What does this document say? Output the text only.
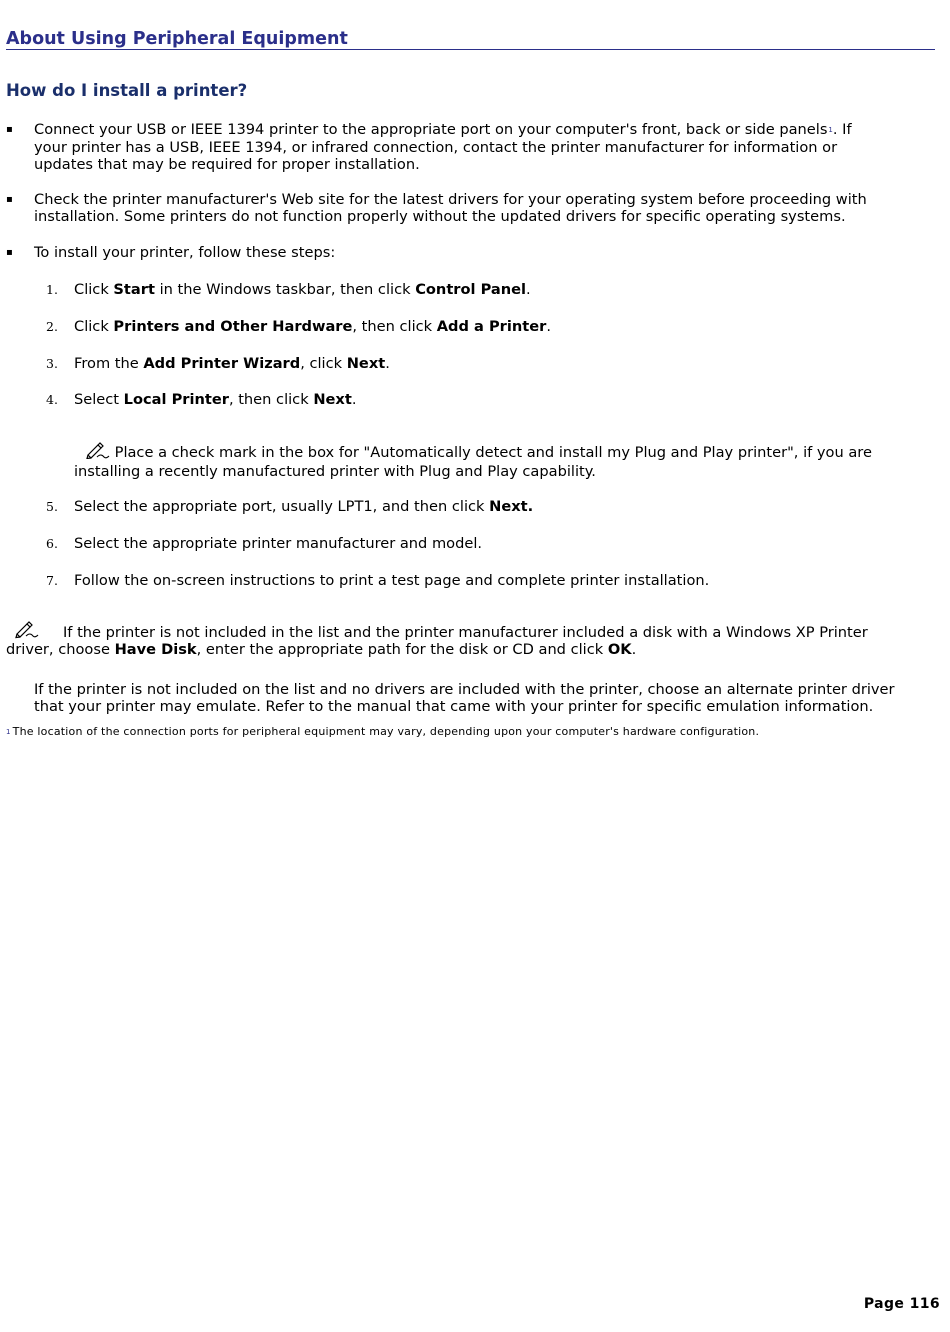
About Using Peripheral Equipment
How do I install a printer?
▪ Connect your USB or IEEE 1394 printer to the appropriate port on your computer's front, back or side panels1. If
your printer has a USB, IEEE 1394, or infrared connection, contact the printer manufacturer for information or
updates that may be required for proper installation.
▪ Check the printer manufacturer's Web site for the latest drivers for your operating system before proceeding with
installation. Some printers do not function properly without the updated drivers for specific operating systems.
▪ To install your printer, follow these steps:
1. Click Start in the Windows taskbar, then click Control Panel.
2. Click Printers and Other Hardware, then click Add a Printer.
3. From the Add Printer Wizard, click Next.
4. Select Local Printer, then click Next.
Place a check mark in the box for "Automatically detect and install my Plug and Play printer", if you are
installing a recently manufactured printer with Plug and Play capability.
5. Select the appropriate port, usually LPT1, and then click Next.
6. Select the appropriate printer manufacturer and model.
7. Follow the on-screen instructions to print a test page and complete printer installation.
If the printer is not included in the list and the printer manufacturer included a disk with a Windows XP Printer
driver, choose Have Disk, enter the appropriate path for the disk or CD and click OK.
If the printer is not included on the list and no drivers are included with the printer, choose an alternate printer driver
that your printer may emulate. Refer to the manual that came with your printer for specific emulation information.
1 The location of the connection ports for peripheral equipment may vary, depending upon your computer's hardware configuration.
Page 116
